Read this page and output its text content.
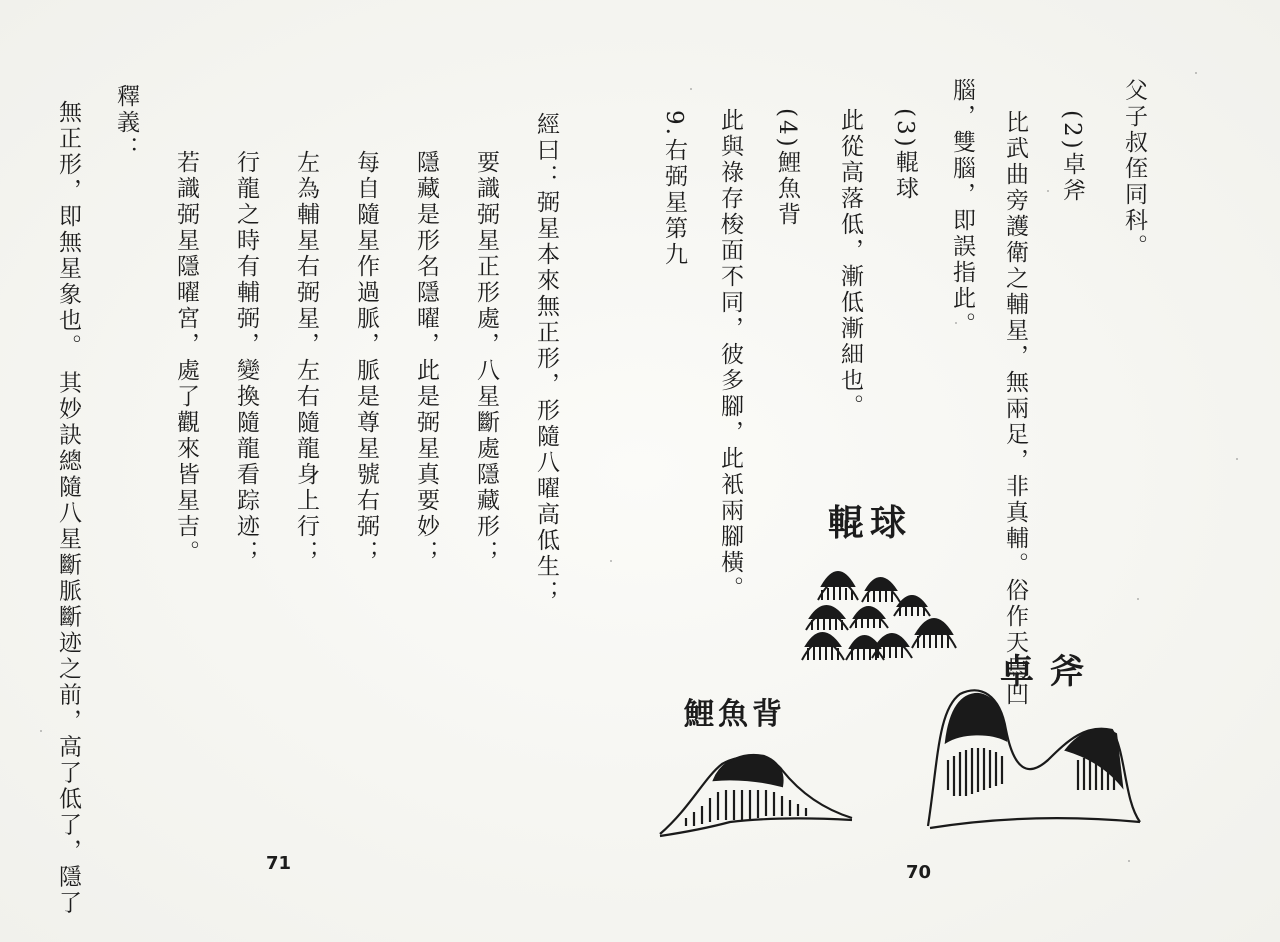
父子叔侄同科。
(2)卓斧
比武曲旁護衛之輔星，無兩足，非真輔。俗作天馬凹
腦，雙腦，即誤指此。
(3)輥球
此從高落低，漸低漸細也。
(4)鯉魚背
此與祿存梭面不同，彼多腳，此衹兩腳橫。
9.右弼星第九
輥球
卓斧
鯉魚背
70
經曰：弼星本來無正形，形隨八曜高低生；
要識弼星正形處，八星斷處隱藏形；
隱藏是形名隱曜，此是弼星真要妙；
每自隨星作過脈，脈是尊星號右弼；
左為輔星右弼星，左右隨龍身上行；
行龍之時有輔弼，變換隨龍看踪迹；
若識弼星隱曜宮，處了觀來皆星吉。
釋義：
無正形，即無星象也。 其妙訣總隨八星斷脈斷迹之前，高了低了，隱了	71
